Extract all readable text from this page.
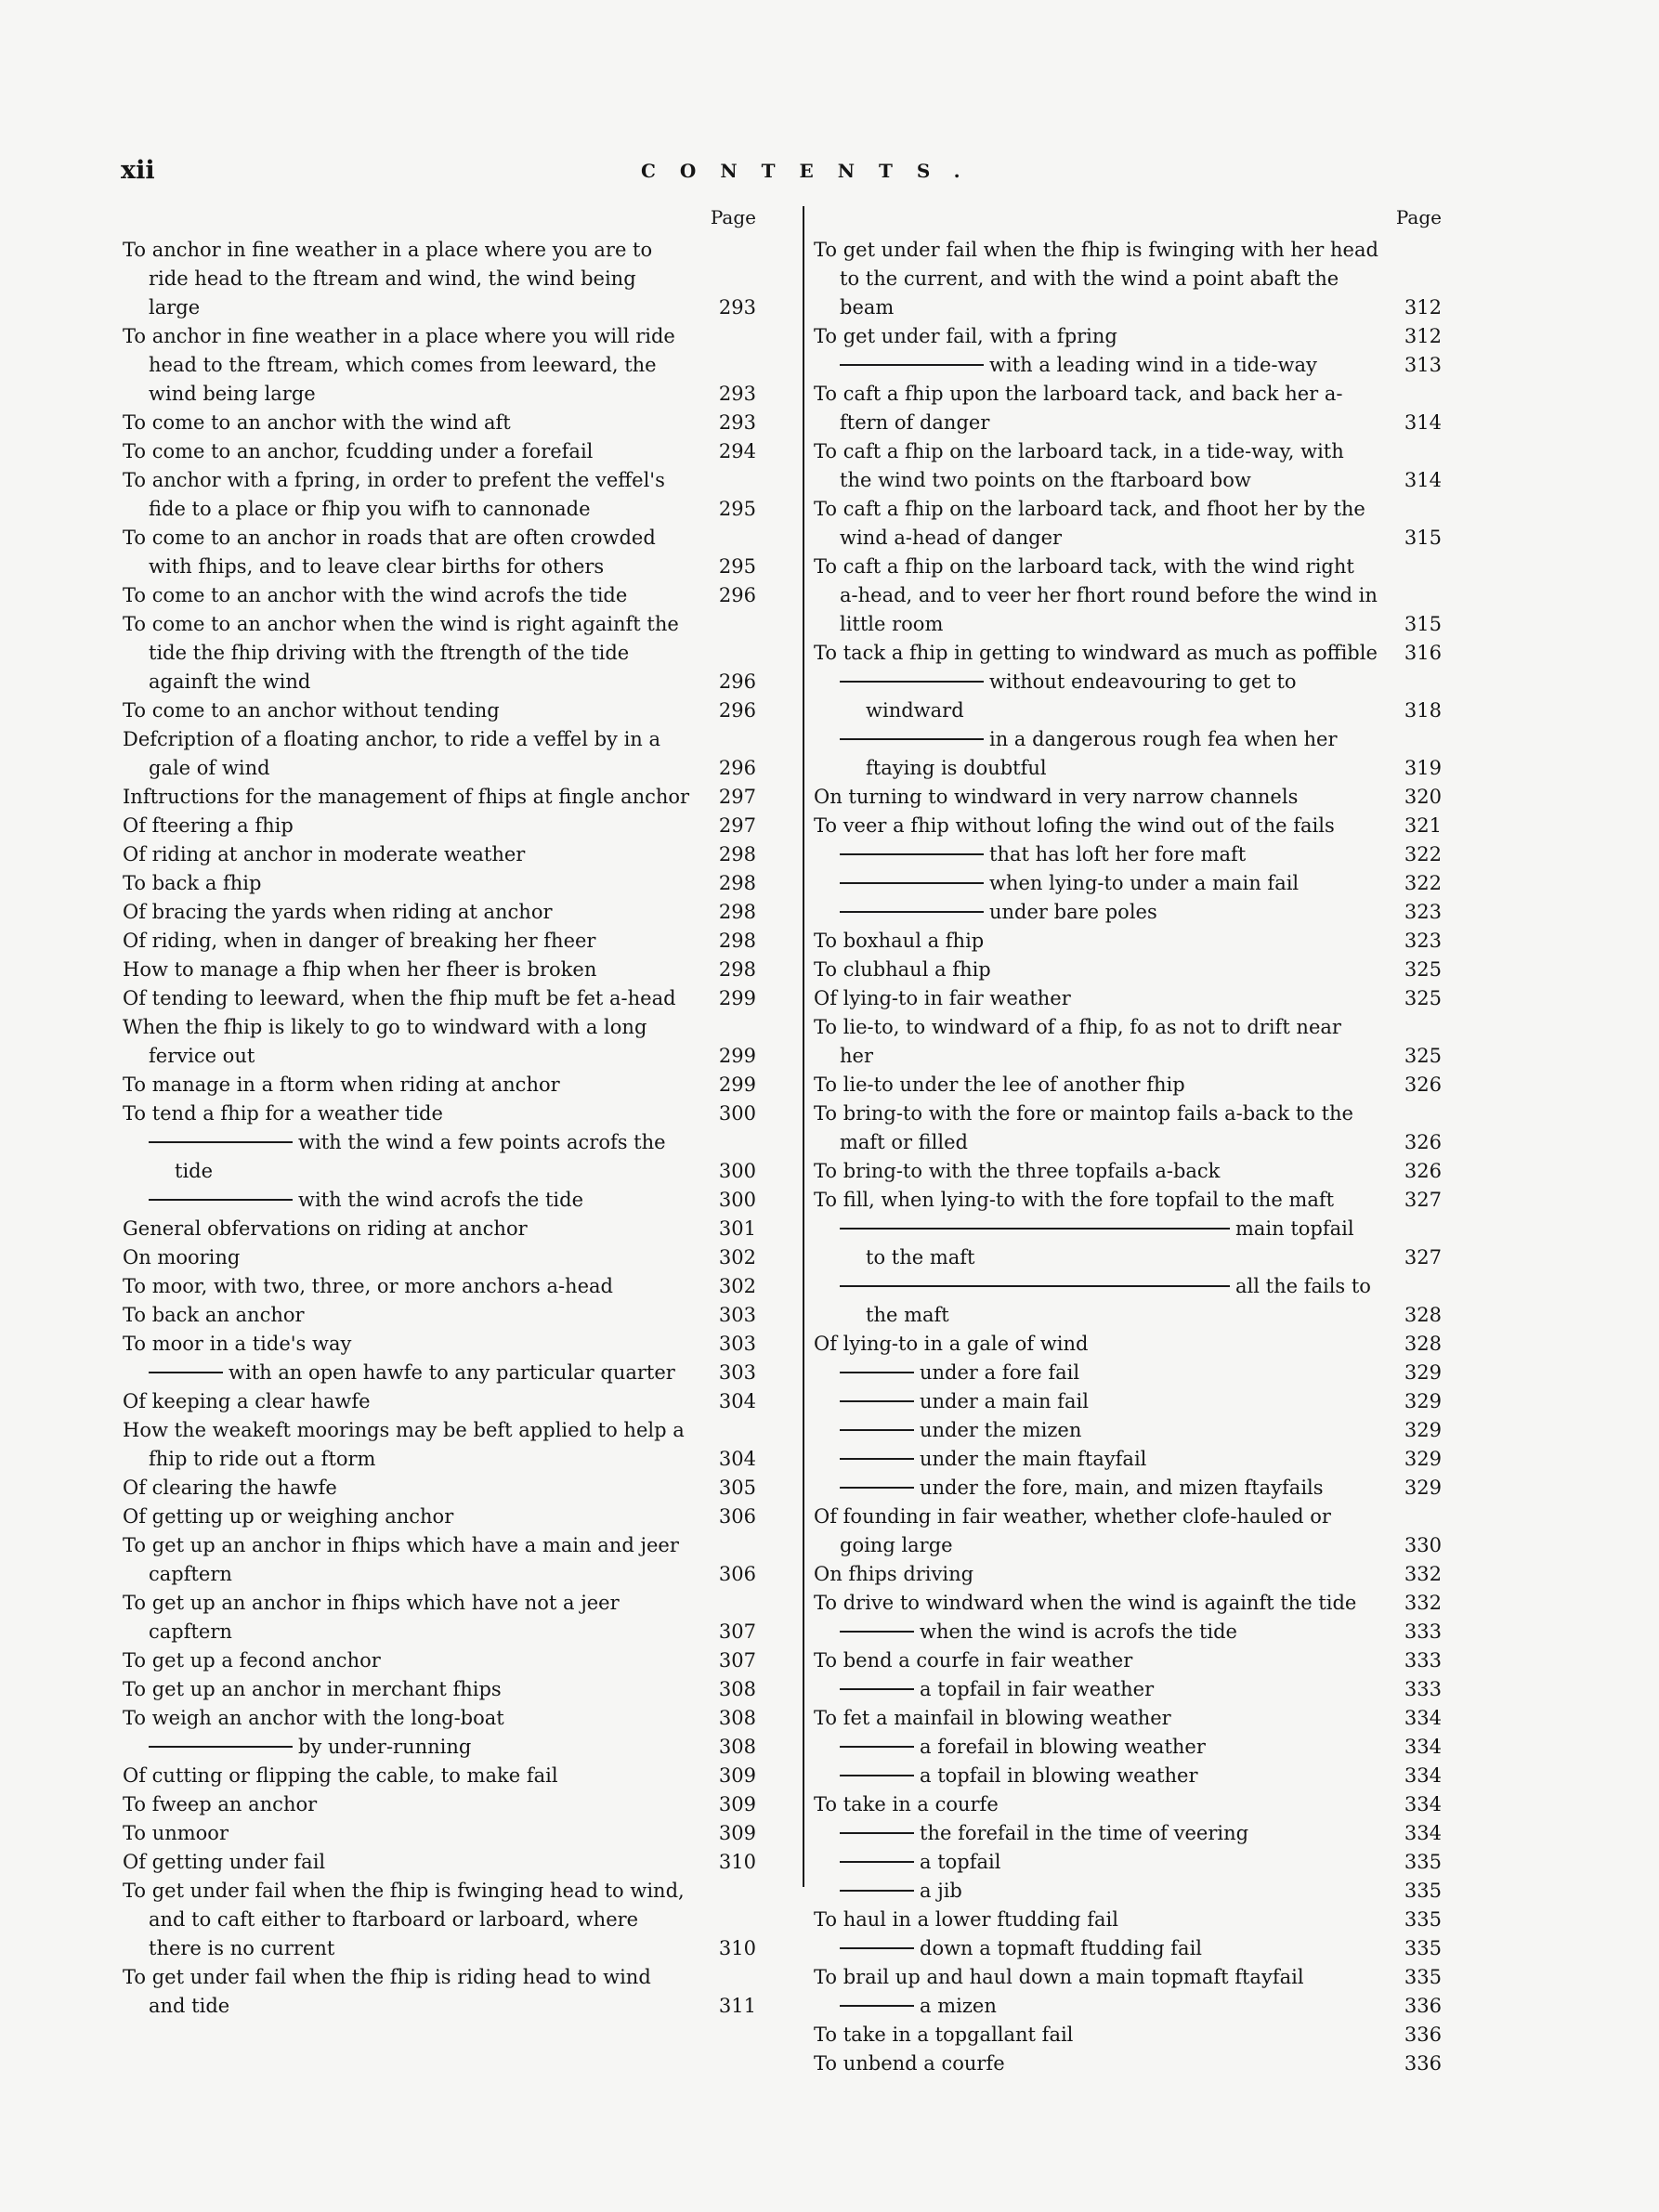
xii	CONTENTS.
Page
To anchor in fine weather in a place where you are to ride head to the ftream and wind, the wind being large	293
To anchor in fine weather in a place where you will ride head to the ftream, which comes from leeward, the wind being large	293
To come to an anchor with the wind aft	293
To come to an anchor, fcudding under a forefail	294
To anchor with a fpring, in order to prefent the veffel's fide to a place or fhip you wifh to cannonade	295
To come to an anchor in roads that are often crowded with fhips, and to leave clear births for others	295
To come to an anchor with the wind acrofs the tide	296
To come to an anchor when the wind is right againft the tide the fhip driving with the ftrength of the tide againft the wind	296
To come to an anchor without tending	296
Defcription of a floating anchor, to ride a veffel by in a gale of wind	296
Inftructions for the management of fhips at fingle anchor	297
Of fteering a fhip	297
Of riding at anchor in moderate weather	298
To back a fhip	298
Of bracing the yards when riding at anchor	298
Of riding, when in danger of breaking her fheer	298
How to manage a fhip when her fheer is broken	298
Of tending to leeward, when the fhip muft be fet a-head	299
When the fhip is likely to go to windward with a long fervice out	299
To manage in a ftorm when riding at anchor	299
To tend a fhip for a weather tide	300
with the wind a few points acrofs the tide	300
with the wind acrofs the tide	300
General obfervations on riding at anchor	301
On mooring	302
To moor, with two, three, or more anchors a-head	302
To back an anchor	303
To moor in a tide's way	303
with an open hawfe to any particular quarter	303
Of keeping a clear hawfe	304
How the weakeft moorings may be beft applied to help a fhip to ride out a ftorm	304
Of clearing the hawfe	305
Of getting up or weighing anchor	306
To get up an anchor in fhips which have a main and jeer capftern	306
To get up an anchor in fhips which have not a jeer capftern	307
To get up a fecond anchor	307
To get up an anchor in merchant fhips	308
To weigh an anchor with the long-boat	308
by under-running	308
Of cutting or flipping the cable, to make fail	309
To fweep an anchor	309
To unmoor	309
Of getting under fail	310
To get under fail when the fhip is fwinging head to wind, and to caft either to ftarboard or larboard, where there is no current	310
To get under fail when the fhip is riding head to wind and tide	311
Page
To get under fail when the fhip is fwinging with her head to the current, and with the wind a point abaft the beam	312
To get under fail, with a fpring	312
with a leading wind in a tide-way	313
To caft a fhip upon the larboard tack, and back her a-ftern of danger	314
To caft a fhip on the larboard tack, in a tide-way, with the wind two points on the ftarboard bow	314
To caft a fhip on the larboard tack, and fhoot her by the wind a-head of danger	315
To caft a fhip on the larboard tack, with the wind right a-head, and to veer her fhort round before the wind in little room	315
To tack a fhip in getting to windward as much as poffible	316
without endeavouring to get to windward	318
in a dangerous rough fea when her ftaying is doubtful	319
On turning to windward in very narrow channels	320
To veer a fhip without lofing the wind out of the fails	321
that has loft her fore maft	322
when lying-to under a main fail	322
under bare poles	323
To boxhaul a fhip	323
To clubhaul a fhip	325
Of lying-to in fair weather	325
To lie-to, to windward of a fhip, fo as not to drift near her	325
To lie-to under the lee of another fhip	326
To bring-to with the fore or maintop fails a-back to the maft or filled	326
To bring-to with the three topfails a-back	326
To fill, when lying-to with the fore topfail to the maft	327
main topfail to the maft	327
all the fails to the maft	328
Of lying-to in a gale of wind	328
under a fore fail	329
under a main fail	329
under the mizen	329
under the main ftayfail	329
under the fore, main, and mizen ftayfails	329
Of founding in fair weather, whether clofe-hauled or going large	330
On fhips driving	332
To drive to windward when the wind is againft the tide	332
when the wind is acrofs the tide	333
To bend a courfe in fair weather	333
a topfail in fair weather	333
To fet a mainfail in blowing weather	334
a forefail in blowing weather	334
a topfail in blowing weather	334
To take in a courfe	334
the forefail in the time of veering	334
a topfail	335
a jib	335
To haul in a lower ftudding fail	335
down a topmaft ftudding fail	335
To brail up and haul down a main topmaft ftayfail	335
a mizen	336
To take in a topgallant fail	336
To unbend a courfe	336
